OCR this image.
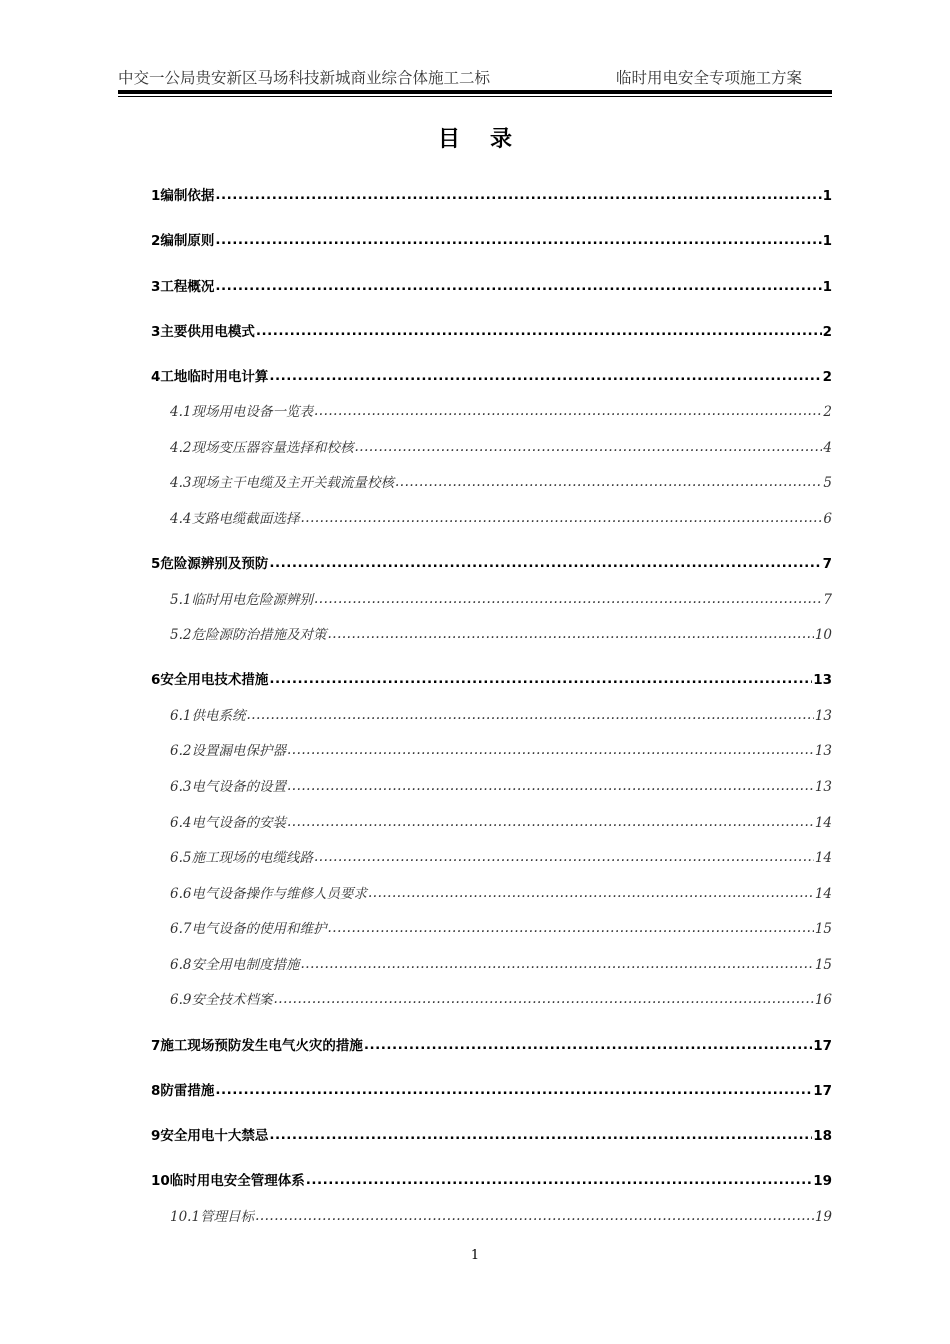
中交一公局贵安新区马场科技新城商业综合体施工二标	临时用电安全专项施工方案
目录
1 编制依据 .....	1
2 编制原则 .....	1
3 工程概况 .....	1
3主要供用电模式 .....	2
4 工地临时用电计算 .....	2
4.1现场用电设备一览表 .....	2
4.2现场变压器容量选择和校核 .....	4
4.3现场主干电缆及主开关载流量校核 .....	5
4.4支路电缆截面选择 .....	6
5 危险源辨别及预防 .....	7
5.1 临时用电危险源辨别 .....	7
5.2 危险源防治措施及对策 .....	10
6 安全用电技术措施 .....	13
6.1 供电系统 .....	13
6.2 设置漏电保护器 .....	13
6.3 电气设备的设置 .....	13
6.4 电气设备的安装 .....	14
6.5 施工现场的电缆线路 .....	14
6.6 电气设备操作与维修人员要求 .....	14
6.7 电气设备的使用和维护 .....	15
6.8 安全用电制度措施 .....	15
6.9 安全技术档案 .....	16
7 施工现场预防发生电气火灾的措施 .....	17
8 防雷措施 .....	17
9 安全用电十大禁忌 .....	18
10 临时用电安全管理体系 .....	19
10.1 管理目标 .....	19
1
